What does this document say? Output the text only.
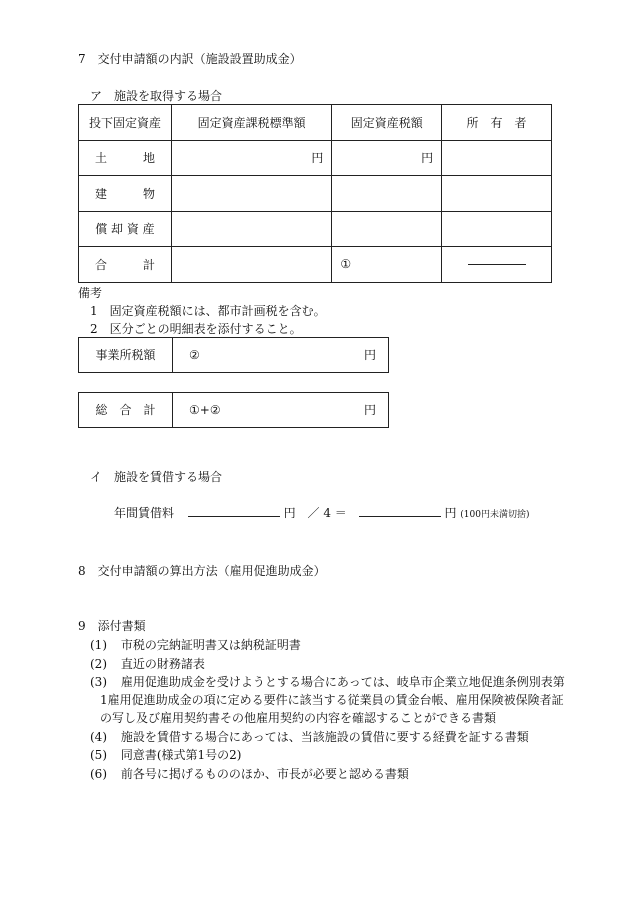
7　交付申請額の内訳（施設設置助成金）
ア　施設を取得する場合
投下固定資産	固定資産課税標準額	固定資産税額	所　有　者
土　　　地	円	円	
建　　　物			
償 却 資 産			
合　　　計		①	
備考
1　固定資産税額には、都市計画税を含む。
2　区分ごとの明細表を添付すること。
事業所税額	②	円
総　合　計	①+②	円
イ　施設を賃借する場合
年間賃借料	円 ／ 4 ＝	円 (100円未満切捨)
8　交付申請額の算出方法（雇用促進助成金）
9　添付書類
(1) 市税の完納証明書又は納税証明書
(2) 直近の財務諸表
(3) 雇用促進助成金を受けようとする場合にあっては、岐阜市企業立地促進条例別表第
1雇用促進助成金の項に定める要件に該当する従業員の賃金台帳、雇用保険被保険者証
の写し及び雇用契約書その他雇用契約の内容を確認することができる書類
(4) 施設を賃借する場合にあっては、当該施設の賃借に要する経費を証する書類
(5) 同意書(様式第1号の2)
(6) 前各号に掲げるもののほか、市長が必要と認める書類
